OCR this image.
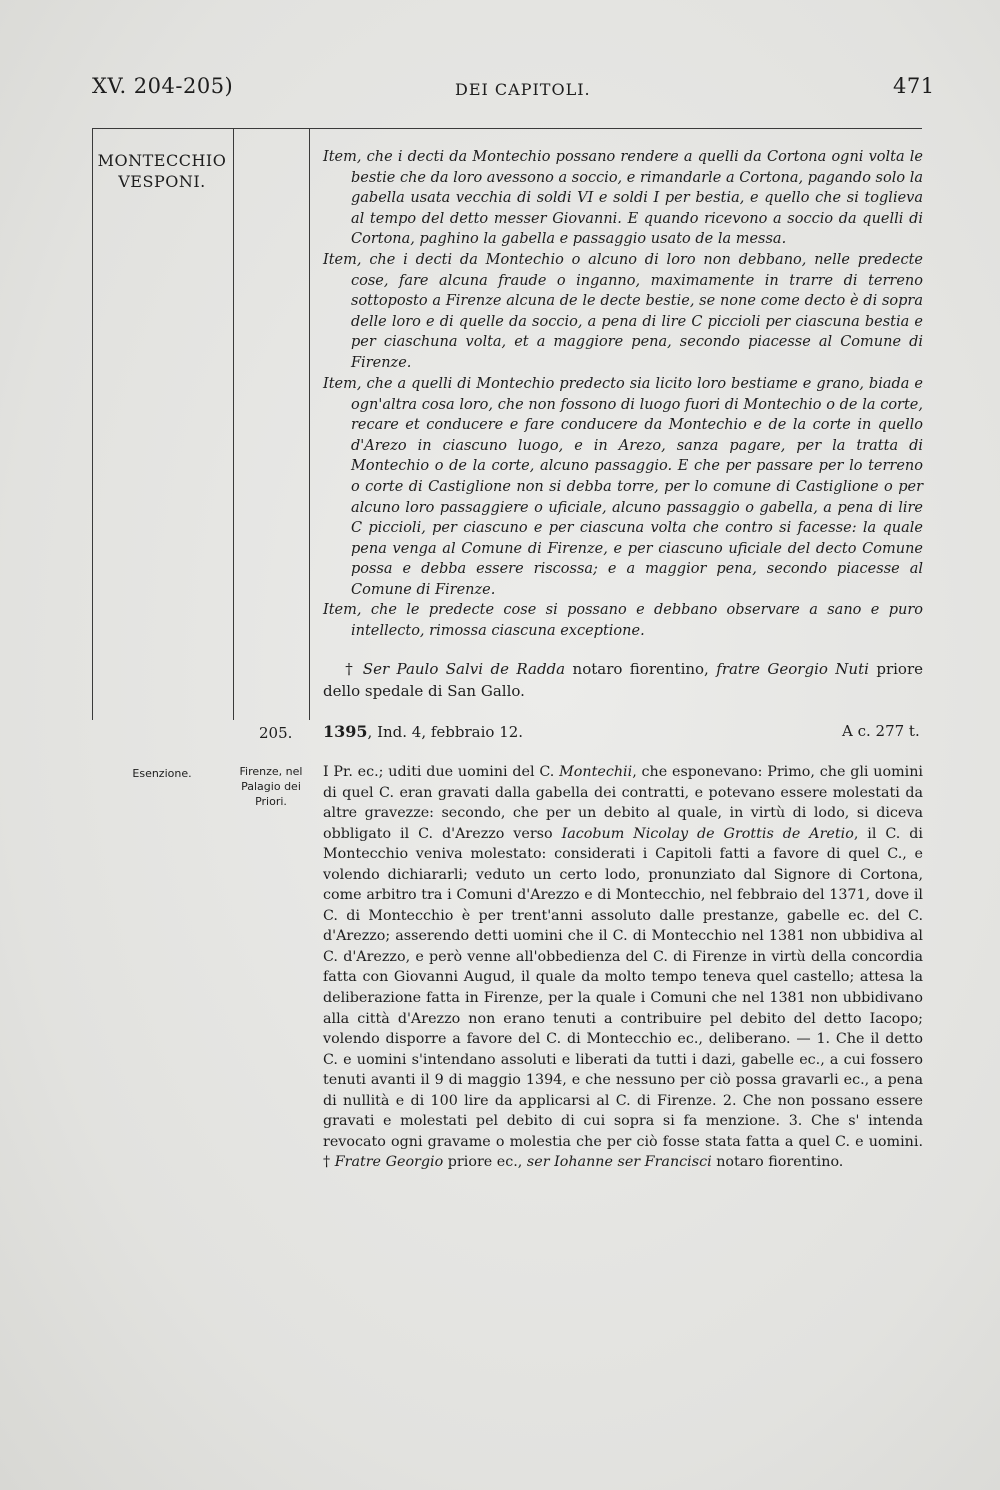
XV. 204-205)	DEI CAPITOLI.	471
MONTECCHIO VESPONI.
205.
Esenzione.	Firenze, nel Palagio dei Priori.

Item, che i decti da Montechio possano rendere a quelli da Cortona ogni volta le bestie che da loro avessono a soccio, e rimandarle a Cortona, pagando solo la gabella usata vecchia di soldi VI e soldi I per bestia, e quello che si toglieva al tempo del detto messer Giovanni. E quando ricevono a soccio da quelli di Cortona, paghino la gabella e passaggio usato de la messa.

Item, che i decti da Montechio o alcuno di loro non debbano, nelle predecte cose, fare alcuna fraude o inganno, maximamente in trarre di terreno sottoposto a Firenze alcuna de le decte bestie, se none come decto è di sopra delle loro e di quelle da soccio, a pena di lire C piccioli per ciascuna bestia e per ciaschuna volta, et a maggiore pena, secondo piacesse al Comune di Firenze.

Item, che a quelli di Montechio predecto sia licito loro bestiame e grano, biada e ogn'altra cosa loro, che non fossono di luogo fuori di Montechio o de la corte, recare et conducere e fare conducere da Montechio e de la corte in quello d'Arezo in ciascuno luogo, e in Arezo, sanza pagare, per la tratta di Montechio o de la corte, alcuno passaggio. E che per passare per lo terreno o corte di Castiglione non si debba torre, per lo comune di Castiglione o per alcuno loro passaggiere o uficiale, alcuno passaggio o gabella, a pena di lire C piccioli, per ciascuno e per ciascuna volta che contro si facesse: la quale pena venga al Comune di Firenze, e per ciascuno uficiale del decto Comune possa e debba essere riscossa; e a maggior pena, secondo piacesse al Comune di Firenze.

Item, che le predecte cose si possano e debbano observare a sano e puro intellecto, rimossa ciascuna exceptione.

† Ser Paulo Salvi de Radda notaro fiorentino, fratre Georgio Nuti priore dello spedale di San Gallo.
1395, Ind. 4, febbraio 12.	A c. 277 t.
I Pr. ec.; uditi due uomini del C. Montechii, che esponevano: Primo, che gli uomini di quel C. eran gravati dalla gabella dei contratti, e potevano essere molestati da altre gravezze: secondo, che per un debito al quale, in virtù di lodo, si diceva obbligato il C. d'Arezzo verso Iacobum Nicolay de Grottis de Aretio, il C. di Montecchio veniva molestato: considerati i Capitoli fatti a favore di quel C., e volendo dichiararli; veduto un certo lodo, pronunziato dal Signore di Cortona, come arbitro tra i Comuni d'Arezzo e di Montecchio, nel febbraio del 1371, dove il C. di Montecchio è per trent'anni assoluto dalle prestanze, gabelle ec. del C. d'Arezzo; asserendo detti uomini che il C. di Montecchio nel 1381 non ubbidiva al C. d'Arezzo, e però venne all'obbedienza del C. di Firenze in virtù della concordia fatta con Giovanni Augud, il quale da molto tempo teneva quel castello; attesa la deliberazione fatta in Firenze, per la quale i Comuni che nel 1381 non ubbidivano alla città d'Arezzo non erano tenuti a contribuire pel debito del detto Iacopo; volendo disporre a favore del C. di Montecchio ec., deliberano. — 1. Che il detto C. e uomini s'intendano assoluti e liberati da tutti i dazi, gabelle ec., a cui fossero tenuti avanti il 9 di maggio 1394, e che nessuno per ciò possa gravarli ec., a pena di nullità e di 100 lire da applicarsi al C. di Firenze. 2. Che non possano essere gravati e molestati pel debito di cui sopra si fa menzione. 3. Che s' intenda revocato ogni gravame o molestia che per ciò fosse stata fatta a quel C. e uomini. † Fratre Georgio priore ec., ser Iohanne ser Francisci notaro fiorentino.
